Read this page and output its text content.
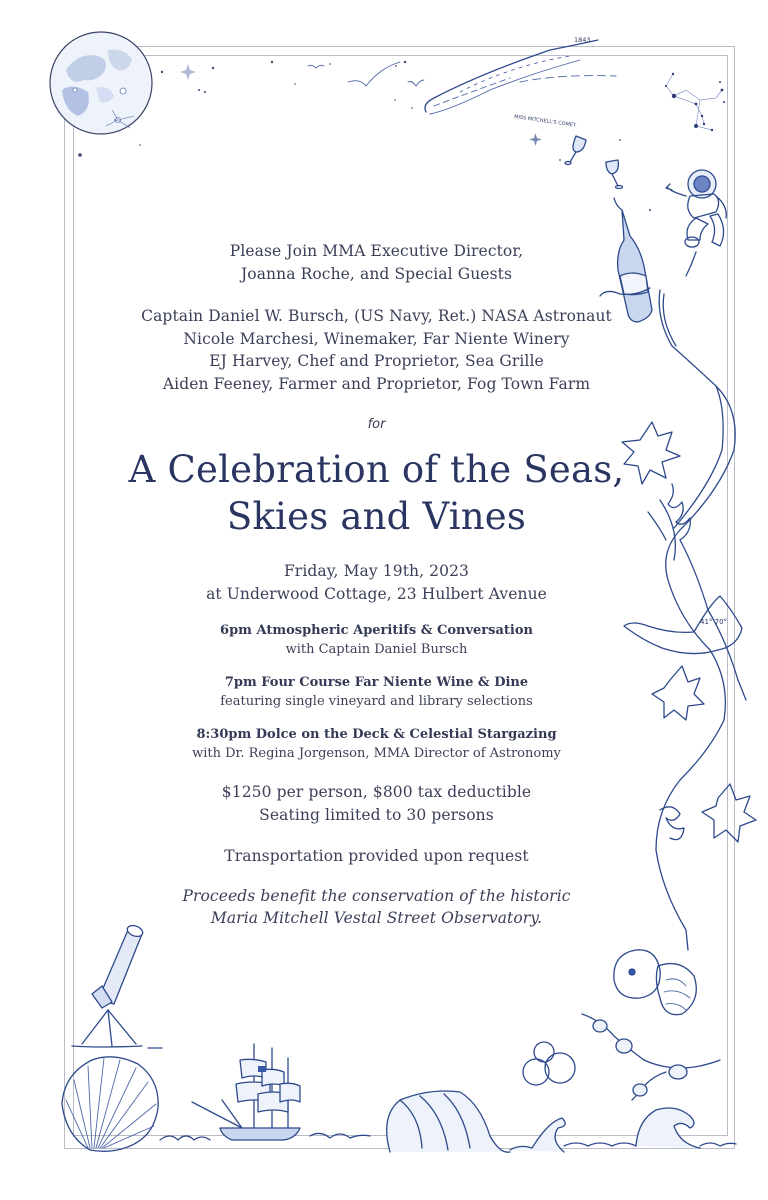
1843
MISS MITCHELL'S COMET
41° 70°
Please Join MMA Executive Director,
Joanna Roche, and Special Guests
Captain Daniel W. Bursch, (US Navy, Ret.) NASA Astronaut
Nicole Marchesi, Winemaker, Far Niente Winery
EJ Harvey, Chef and Proprietor, Sea Grille
Aiden Feeney, Farmer and Proprietor, Fog Town Farm
for
A Celebration of the Seas,
Skies and Vines
Friday, May 19th, 2023
at Underwood Cottage, 23 Hulbert Avenue
6pm Atmospheric Aperitifs & Conversation
with Captain Daniel Bursch
7pm Four Course Far Niente Wine & Dine
featuring single vineyard and library selections
8:30pm Dolce on the Deck & Celestial Stargazing
with Dr. Regina Jorgenson, MMA Director of Astronomy
$1250 per person, $800 tax deductible
Seating limited to 30 persons
Transportation provided upon request
Proceeds benefit the conservation of the historic
Maria Mitchell Vestal Street Observatory.
